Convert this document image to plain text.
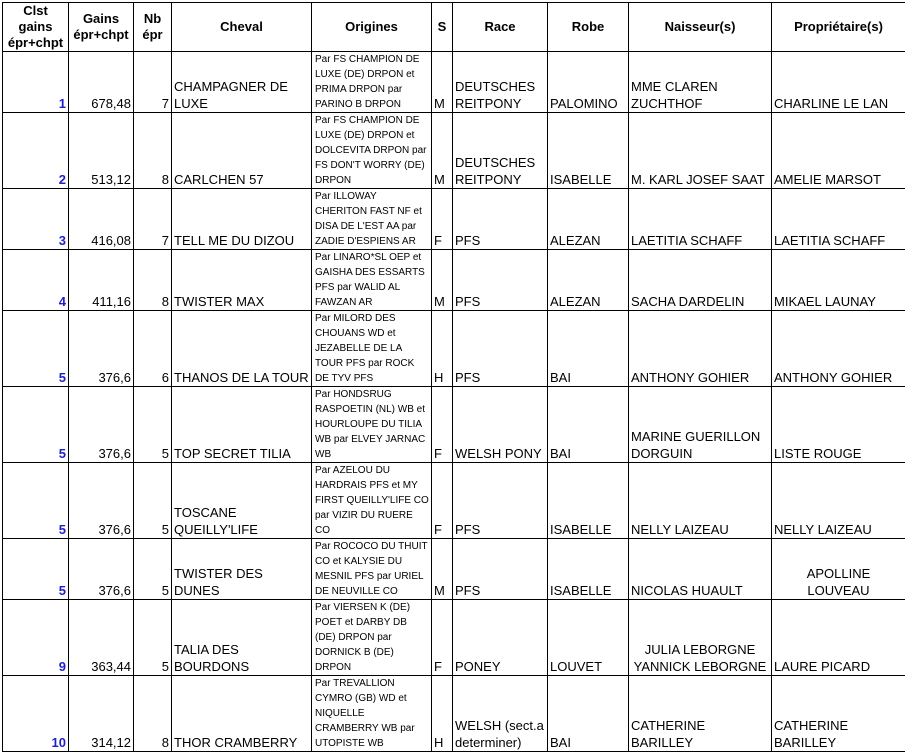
Clst gains épr+chpt	Gains épr+chpt	Nb épr	Cheval	Origines	S	Race	Robe	Naisseur(s)	Propriétaire(s)
1	678,48	7	CHAMPAGNER DE LUXE	Par FS CHAMPION DE LUXE (DE) DRPON et PRIMA DRPON par PARINO B DRPON	M	DEUTSCHES REITPONY	PALOMINO	MME CLAREN ZUCHTHOF	CHARLINE LE LAN
2	513,12	8	CARLCHEN 57	Par FS CHAMPION DE LUXE (DE) DRPON et DOLCEVITA DRPON par FS DON'T WORRY (DE) DRPON	M	DEUTSCHES REITPONY	ISABELLE	M. KARL JOSEF SAAT	AMELIE MARSOT
3	416,08	7	TELL ME DU DIZOU	Par ILLOWAY CHERITON FAST NF et DISA DE L'EST AA par ZADIE D'ESPIENS AR	F	PFS	ALEZAN	LAETITIA SCHAFF	LAETITIA SCHAFF
4	411,16	8	TWISTER MAX	Par LINARO*SL OEP et GAISHA DES ESSARTS PFS par WALID AL FAWZAN AR	M	PFS	ALEZAN	SACHA DARDELIN	MIKAEL LAUNAY
5	376,6	6	THANOS DE LA TOUR	Par MILORD DES CHOUANS WD et JEZABELLE DE LA TOUR PFS par ROCK DE TYV PFS	H	PFS	BAI	ANTHONY GOHIER	ANTHONY GOHIER
5	376,6	5	TOP SECRET TILIA	Par HONDSRUG RASPOETIN (NL) WB et HOURLOUPE DU TILIA WB par ELVEY JARNAC WB	F	WELSH PONY	BAI	MARINE GUERILLON DORGUIN	LISTE ROUGE
5	376,6	5	TOSCANE QUEILLY'LIFE	Par AZELOU DU HARDRAIS PFS et MY FIRST QUEILLY'LIFE CO par VIZIR DU RUERE CO	F	PFS	ISABELLE	NELLY LAIZEAU	NELLY LAIZEAU
5	376,6	5	TWISTER DES DUNES	Par ROCOCO DU THUIT CO et KALYSIE DU MESNIL PFS par URIEL DE NEUVILLE CO	M	PFS	ISABELLE	NICOLAS HUAULT	APOLLINE LOUVEAU
9	363,44	5	TALIA DES BOURDONS	Par VIERSEN K (DE) POET et DARBY DB (DE) DRPON par DORNICK B (DE) DRPON	F	PONEY	LOUVET	JULIA LEBORGNE YANNICK LEBORGNE	LAURE PICARD
10	314,12	8	THOR CRAMBERRY	Par TREVALLION CYMRO (GB) WD et NIQUELLE CRAMBERRY WB par UTOPISTE WB	H	WELSH (sect.a determiner)	BAI	CATHERINE BARILLEY	CATHERINE BARILLEY
